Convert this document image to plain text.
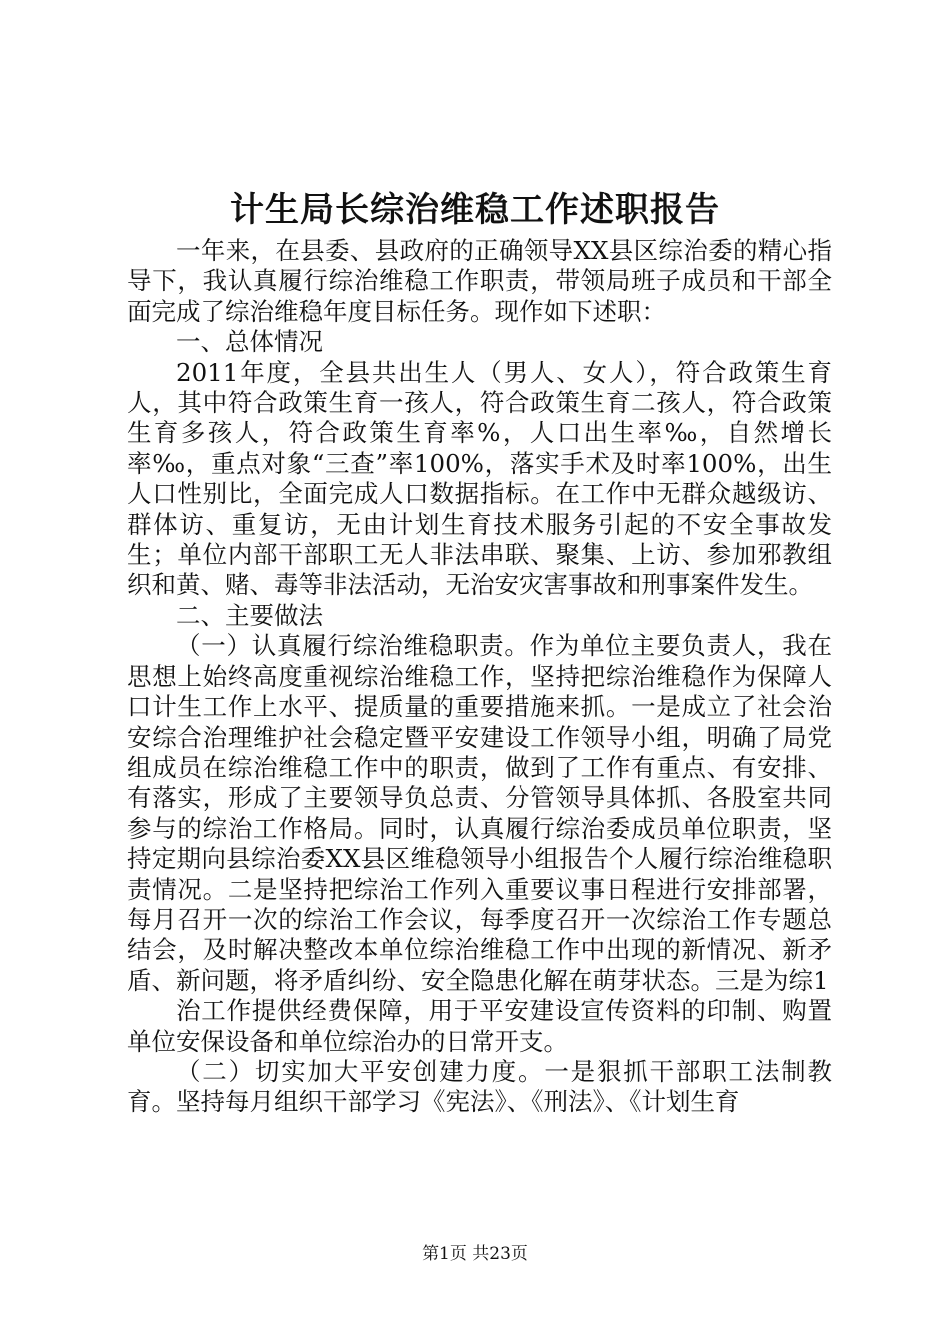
计生局长综治维稳工作述职报告

一年来，在县委、县政府的正确领导XX县区综治委的精心指导下，我认真履行综治维稳工作职责，带领局班子成员和干部全面完成了综治维稳年度目标任务。现作如下述职：

一、总体情况

2011年度，全县共出生人（男人、女人），符合政策生育人，其中符合政策生育一孩人，符合政策生育二孩人，符合政策生育多孩人，符合政策生育率%，人口出生率‰，自然增长率‰，重点对象“三查”率100%，落实手术及时率100%，出生人口性别比，全面完成人口数据指标。在工作中无群众越级访、群体访、重复访，无由计划生育技术服务引起的不安全事故发生；单位内部干部职工无人非法串联、聚集、上访、参加邪教组织和黄、赌、毒等非法活动，无治安灾害事故和刑事案件发生。

二、主要做法

（一）认真履行综治维稳职责。作为单位主要负责人，我在思想上始终高度重视综治维稳工作，坚持把综治维稳作为保障人口计生工作上水平、提质量的重要措施来抓。一是成立了社会治安综合治理维护社会稳定暨平安建设工作领导小组，明确了局党组成员在综治维稳工作中的职责，做到了工作有重点、有安排、有落实，形成了主要领导负总责、分管领导具体抓、各股室共同参与的综治工作格局。同时，认真履行综治委成员单位职责，坚持定期向县综治委XX县区维稳领导小组报告个人履行综治维稳职责情况。二是坚持把综治工作列入重要议事日程进行安排部署，每月召开一次的综治工作会议，每季度召开一次综治工作专题总结会，及时解决整改本单位综治维稳工作中出现的新情况、新矛盾、新问题，将矛盾纠纷、安全隐患化解在萌芽状态。三是为综1

治工作提供经费保障，用于平安建设宣传资料的印制、购置单位安保设备和单位综治办的日常开支。

（二）切实加大平安创建力度。一是狠抓干部职工法制教育。坚持每月组织干部学习《宪法》、《刑法》、《计划生育

第1页 共23页
